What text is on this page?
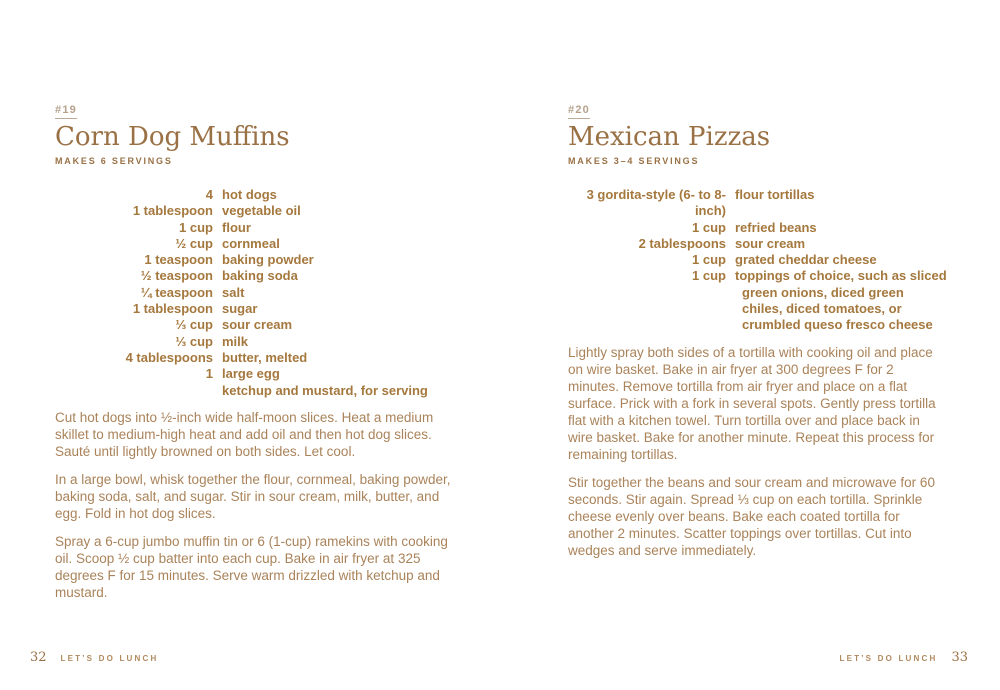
#19
Corn Dog Muffins
MAKES 6 SERVINGS
4 hot dogs
1 tablespoon vegetable oil
1 cup flour
½ cup cornmeal
1 teaspoon baking powder
½ teaspoon baking soda
¼ teaspoon salt
1 tablespoon sugar
⅓ cup sour cream
⅓ cup milk
4 tablespoons butter, melted
1 large egg
ketchup and mustard, for serving

Cut hot dogs into ½-inch wide half-moon slices. Heat a medium skillet to medium-high heat and add oil and then hot dog slices. Sauté until lightly browned on both sides. Let cool.

In a large bowl, whisk together the flour, cornmeal, baking powder, baking soda, salt, and sugar. Stir in sour cream, milk, butter, and egg. Fold in hot dog slices.

Spray a 6-cup jumbo muffin tin or 6 (1-cup) ramekins with cooking oil. Scoop ½ cup batter into each cup. Bake in air fryer at 325 degrees F for 15 minutes. Serve warm drizzled with ketchup and mustard.

#20
Mexican Pizzas
MAKES 3–4 SERVINGS
3 gordita-style (6- to 8-inch)
flour tortillas
1 cup refried beans
2 tablespoons sour cream
1 cup grated cheddar cheese
1 cup toppings of choice, such as sliced green onions, diced green chiles, diced tomatoes, or crumbled queso fresco cheese

Lightly spray both sides of a tortilla with cooking oil and place on wire basket. Bake in air fryer at 300 degrees F for 2 minutes. Remove tortilla from air fryer and place on a flat surface. Prick with a fork in several spots. Gently press tortilla flat with a kitchen towel. Turn tortilla over and place back in wire basket. Bake for another minute. Repeat this process for remaining tortillas.

Stir together the beans and sour cream and microwave for 60 seconds. Stir again. Spread ⅓ cup on each tortilla. Sprinkle cheese evenly over beans. Bake each coated tortilla for another 2 minutes. Scatter toppings over tortillas. Cut into wedges and serve immediately.

32 LET’S DO LUNCH	LET’S DO LUNCH 33
